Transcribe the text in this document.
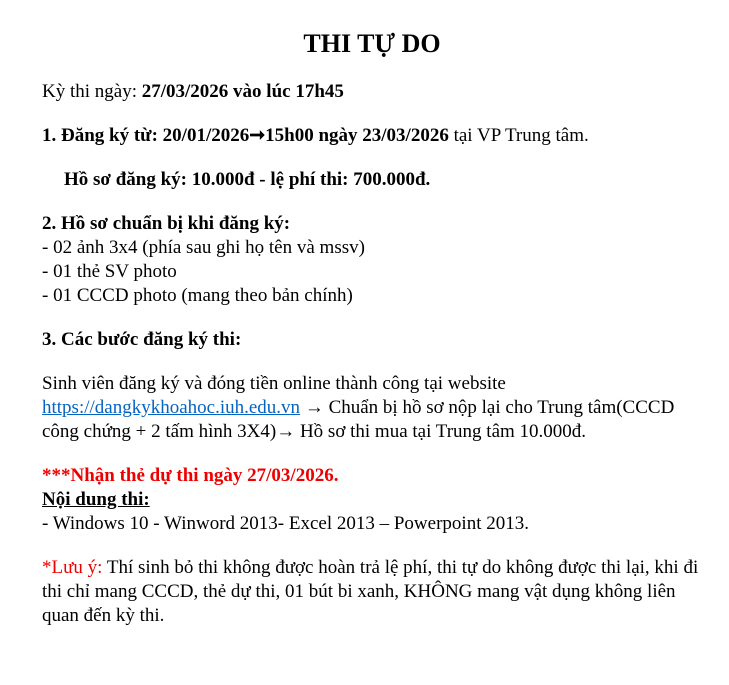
THI TỰ DO

Kỳ thi ngày: 27/03/2026 vào lúc 17h45

1. Đăng ký từ: 20/01/2026➞15h00 ngày 23/03/2026 tại VP Trung tâm.

Hồ sơ đăng ký: 10.000đ - lệ phí thi: 700.000đ.

2. Hồ sơ chuẩn bị khi đăng ký:

- 02 ảnh 3x4 (phía sau ghi họ tên và mssv)

- 01 thẻ SV photo

- 01 CCCD photo (mang theo bản chính)

3. Các bước đăng ký thi:

Sinh viên đăng ký và đóng tiền online thành công tại website https://dangkykhoahoc.iuh.edu.vn → Chuẩn bị hồ sơ nộp lại cho Trung tâm(CCCD công chứng + 2 tấm hình 3X4)→ Hồ sơ thi mua tại Trung tâm 10.000đ.

***Nhận thẻ dự thi ngày 27/03/2026.

Nội dung thi:

- Windows 10 - Winword 2013- Excel 2013 – Powerpoint 2013.

*Lưu ý: Thí sinh bỏ thi không được hoàn trả lệ phí, thi tự do không được thi lại, khi đi thi chỉ mang CCCD, thẻ dự thi, 01 bút bi xanh, KHÔNG mang vật dụng không liên quan đến kỳ thi.
